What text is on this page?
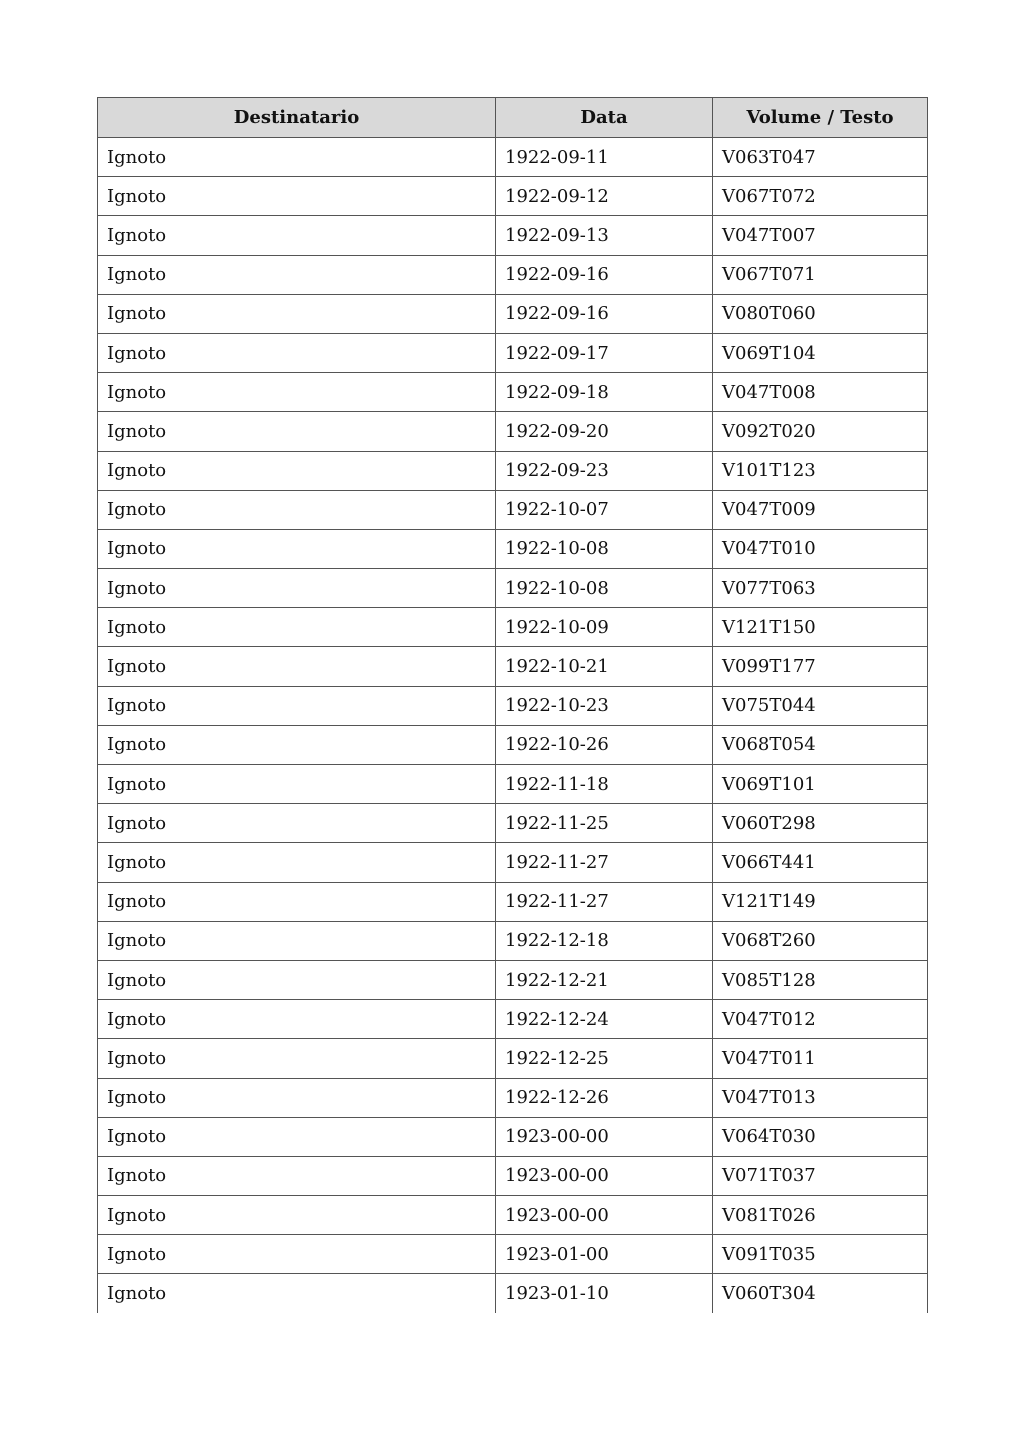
Destinatario	Data	Volume / Testo
Ignoto	1922-09-11	V063T047
Ignoto	1922-09-12	V067T072
Ignoto	1922-09-13	V047T007
Ignoto	1922-09-16	V067T071
Ignoto	1922-09-16	V080T060
Ignoto	1922-09-17	V069T104
Ignoto	1922-09-18	V047T008
Ignoto	1922-09-20	V092T020
Ignoto	1922-09-23	V101T123
Ignoto	1922-10-07	V047T009
Ignoto	1922-10-08	V047T010
Ignoto	1922-10-08	V077T063
Ignoto	1922-10-09	V121T150
Ignoto	1922-10-21	V099T177
Ignoto	1922-10-23	V075T044
Ignoto	1922-10-26	V068T054
Ignoto	1922-11-18	V069T101
Ignoto	1922-11-25	V060T298
Ignoto	1922-11-27	V066T441
Ignoto	1922-11-27	V121T149
Ignoto	1922-12-18	V068T260
Ignoto	1922-12-21	V085T128
Ignoto	1922-12-24	V047T012
Ignoto	1922-12-25	V047T011
Ignoto	1922-12-26	V047T013
Ignoto	1923-00-00	V064T030
Ignoto	1923-00-00	V071T037
Ignoto	1923-00-00	V081T026
Ignoto	1923-01-00	V091T035
Ignoto	1923-01-10	V060T304
